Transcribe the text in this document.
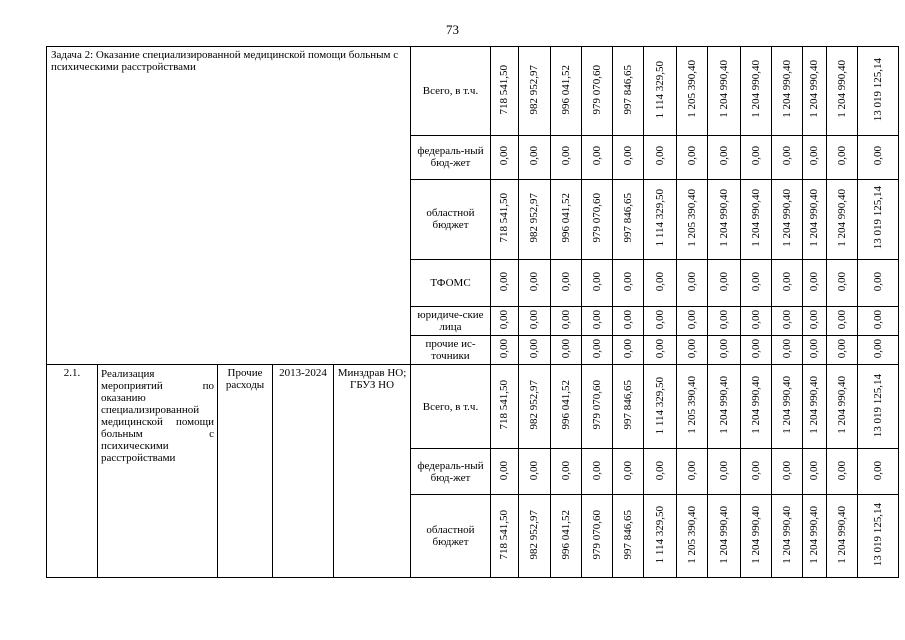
73
Задача 2: Оказание специализированной медицинской помощи больным с психическими расстройствами					Всего, в т.ч.	718 541,50	982 952,97	996 041,52	979 070,60	997 846,65	1 114 329,50	1 205 390,40	1 204 990,40	1 204 990,40	1 204 990,40	1 204 990,40	1 204 990,40	13 019 125,14
					федераль-ный бюд-жет	0,00	0,00	0,00	0,00	0,00	0,00	0,00	0,00	0,00	0,00	0,00	0,00	0,00
					областной бюджет	718 541,50	982 952,97	996 041,52	979 070,60	997 846,65	1 114 329,50	1 205 390,40	1 204 990,40	1 204 990,40	1 204 990,40	1 204 990,40	1 204 990,40	13 019 125,14
					ТФОМС	0,00	0,00	0,00	0,00	0,00	0,00	0,00	0,00	0,00	0,00	0,00	0,00	0,00
					юридиче-ские лица	0,00	0,00	0,00	0,00	0,00	0,00	0,00	0,00	0,00	0,00	0,00	0,00	0,00
					прочие ис-точники	0,00	0,00	0,00	0,00	0,00	0,00	0,00	0,00	0,00	0,00	0,00	0,00	0,00
2.1.	Реализация мероприятий по оказанию специализированной медицинской помощи больным с психическими расстройствами	Прочие расходы	2013-2024	Минздрав НО; ГБУЗ НО	Всего, в т.ч.	718 541,50	982 952,97	996 041,52	979 070,60	997 846,65	1 114 329,50	1 205 390,40	1 204 990,40	1 204 990,40	1 204 990,40	1 204 990,40	1 204 990,40	13 019 125,14
					федераль-ный бюд-жет	0,00	0,00	0,00	0,00	0,00	0,00	0,00	0,00	0,00	0,00	0,00	0,00	0,00
					областной бюджет	718 541,50	982 952,97	996 041,52	979 070,60	997 846,65	1 114 329,50	1 205 390,40	1 204 990,40	1 204 990,40	1 204 990,40	1 204 990,40	1 204 990,40	13 019 125,14
